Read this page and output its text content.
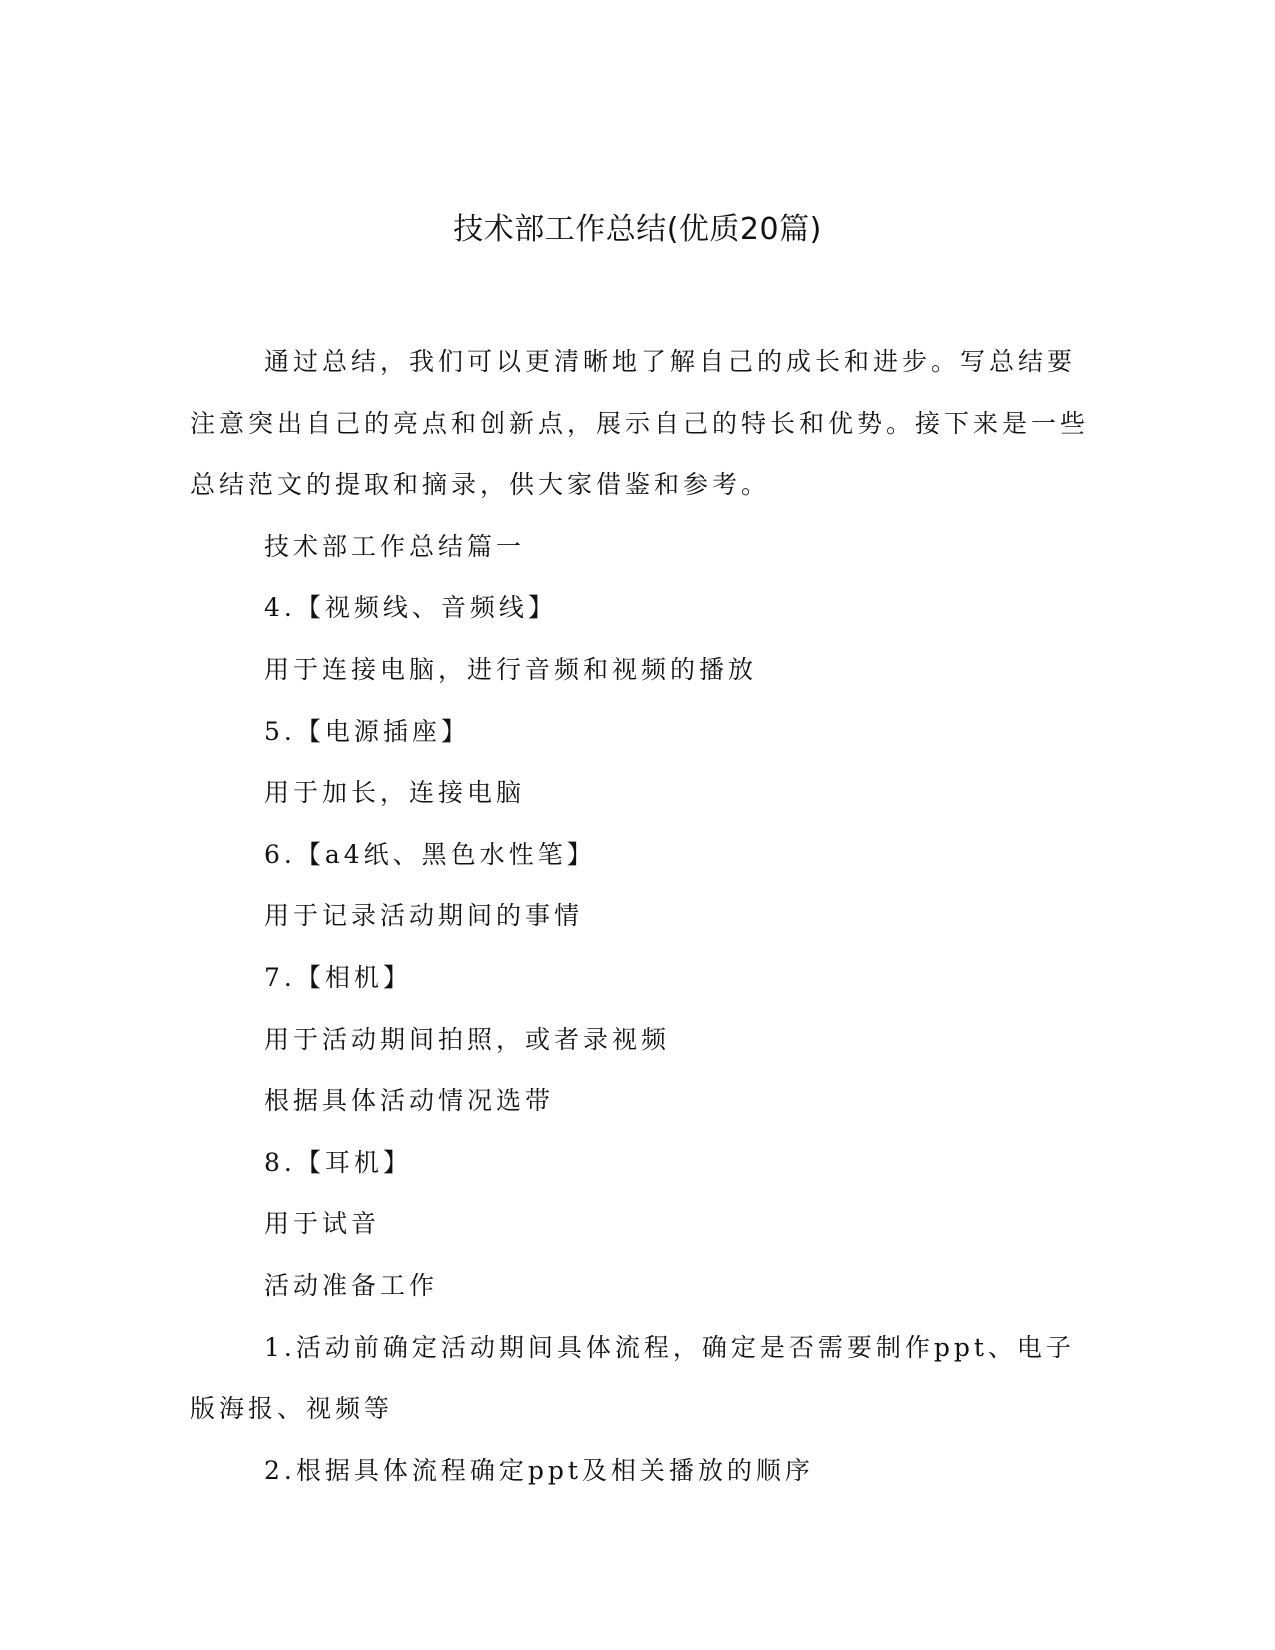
技术部工作总结(优质20篇)

通过总结，我们可以更清晰地了解自己的成长和进步。写总结要注意突出自己的亮点和创新点，展示自己的特长和优势。接下来是一些总结范文的提取和摘录，供大家借鉴和参考。

技术部工作总结篇一

4.【视频线、音频线】

用于连接电脑，进行音频和视频的播放

5.【电源插座】

用于加长，连接电脑

6.【a4纸、黑色水性笔】

用于记录活动期间的事情

7.【相机】

用于活动期间拍照，或者录视频

根据具体活动情况选带

8.【耳机】

用于试音

活动准备工作

1.活动前确定活动期间具体流程，确定是否需要制作ppt、电子版海报、视频等

2.根据具体流程确定ppt及相关播放的顺序
